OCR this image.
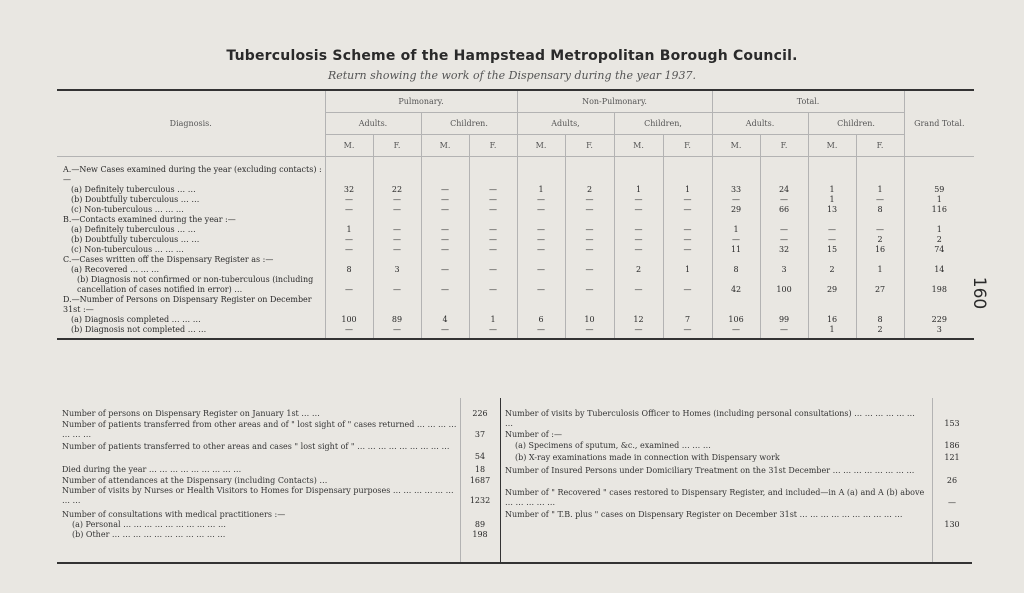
Tuberculosis Scheme of the Hampstead Metropolitan Borough Council.
Return showing the work of the Dispensary during the year 1937.
160
Diagnosis.	Pulmonary.				Non-Pulmonary.				Total.				Grand Total.
	Adults.		Children.		Adults,		Children,		Adults.		Children.		
	M.	F.	M.	F.	M.	F.	M.	F.	M.	F.	M.	F.	
A.—New Cases examined during the year (excluding contacts) :—													
(a) Definitely tuberculous … …	32	22	—	—	1	2	1	1	33	24	1	1	59
(b) Doubtfully tuberculous … …	—	—	—	—	—	—	—	—	—	—	1	—	1
(c) Non-tuberculous … … …	—	—	—	—	—	—	—	—	29	66	13	8	116
B.—Contacts examined during the year :—													
(a) Definitely tuberculous … …	1	—	—	—	—	—	—	—	1	—	—	—	1
(b) Doubtfully tuberculous … …	—	—	—	—	—	—	—	—	—	—	—	2	2
(c) Non-tuberculous … … …	—	—	—	—	—	—	—	—	11	32	15	16	74
C.—Cases written off the Dispensary Register as :—													
(a) Recovered … … …	8	3	—	—	—	—	2	1	8	3	2	1	14
(b) Diagnosis not confirmed or non-tuberculous (including cancellation of cases notified in error) …	—	—	—	—	—	—	—	—	42	100	29	27	198
D.—Number of Persons on Dispensary Register on December 31st :—													
(a) Diagnosis completed … … …	100	89	4	1	6	10	12	7	106	99	16	8	229
(b) Diagnosis not completed … …	—	—	—	—	—	—	—	—	—	—	1	2	3
Number of persons on Dispensary Register on January 1st … …	226
Number of patients transferred from other areas and of " lost sight of " cases returned … … … … … … …	37
Number of patients transferred to other areas and cases " lost sight of " … … … … … … … … …
54
Died during the year … … … … … … … … …	18
Number of attendances at the Dispensary (including Contacts) …	1687
Number of visits by Nurses or Health Visitors to Homes for Dispensary purposes … … … … … … … …	1232
Number of consultations with medical practitioners :—
(a) Personal … … … … … … … … … …	89
(b) Other … … … … … … … … … … …	198
Number of visits by Tuberculosis Officer to Homes (including personal consultations) … … … … … … …	153
Number of :—
(a) Specimens of sputum, &c., examined … … …	186
(b) X-ray examinations made in connection with Dispensary work	121
Number of Insured Persons under Domiciliary Treatment on the 31st December … … … … … … … …
26
Number of " Recovered " cases restored to Dispensary Register, and included—in A (a) and A (b) above … … … … …	—
Number of " T.B. plus " cases on Dispensary Register on December 31st … … … … … … … … … …
130
